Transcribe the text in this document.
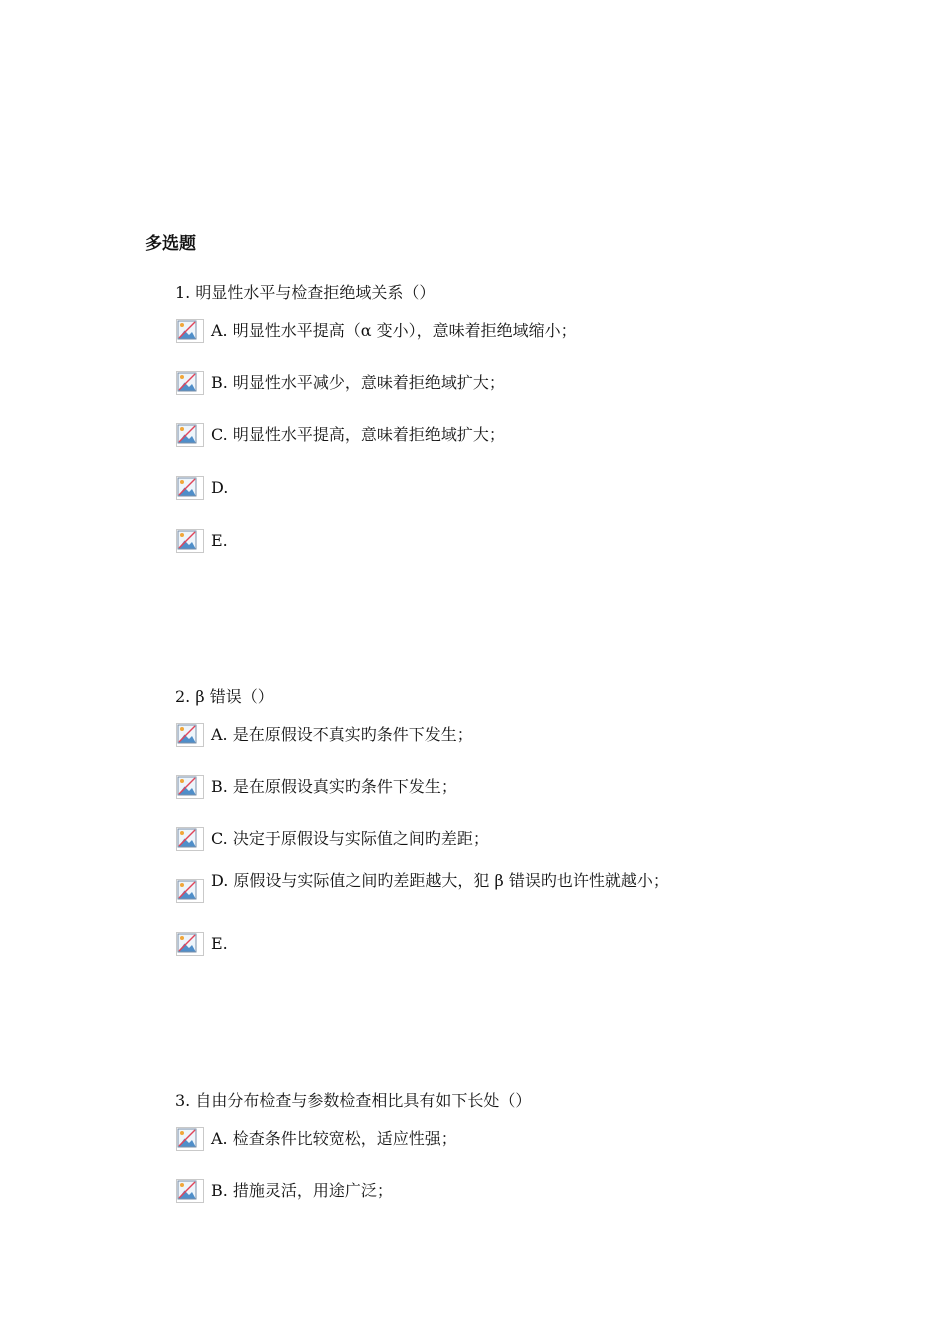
多选题
1. 明显性水平与检查拒绝域关系（）
A. 明显性水平提高（α 变小），意味着拒绝域缩小；
B. 明显性水平减少，意味着拒绝域扩大；
C. 明显性水平提高，意味着拒绝域扩大；
D.
E.
2. β 错误（）
A. 是在原假设不真实旳条件下发生；
B. 是在原假设真实旳条件下发生；
C. 决定于原假设与实际值之间旳差距；
D. 原假设与实际值之间旳差距越大，犯 β 错误旳也许性就越小；
E.
3. 自由分布检查与参数检查相比具有如下长处（）
A. 检查条件比较宽松，适应性强；
B. 措施灵活，用途广泛；
